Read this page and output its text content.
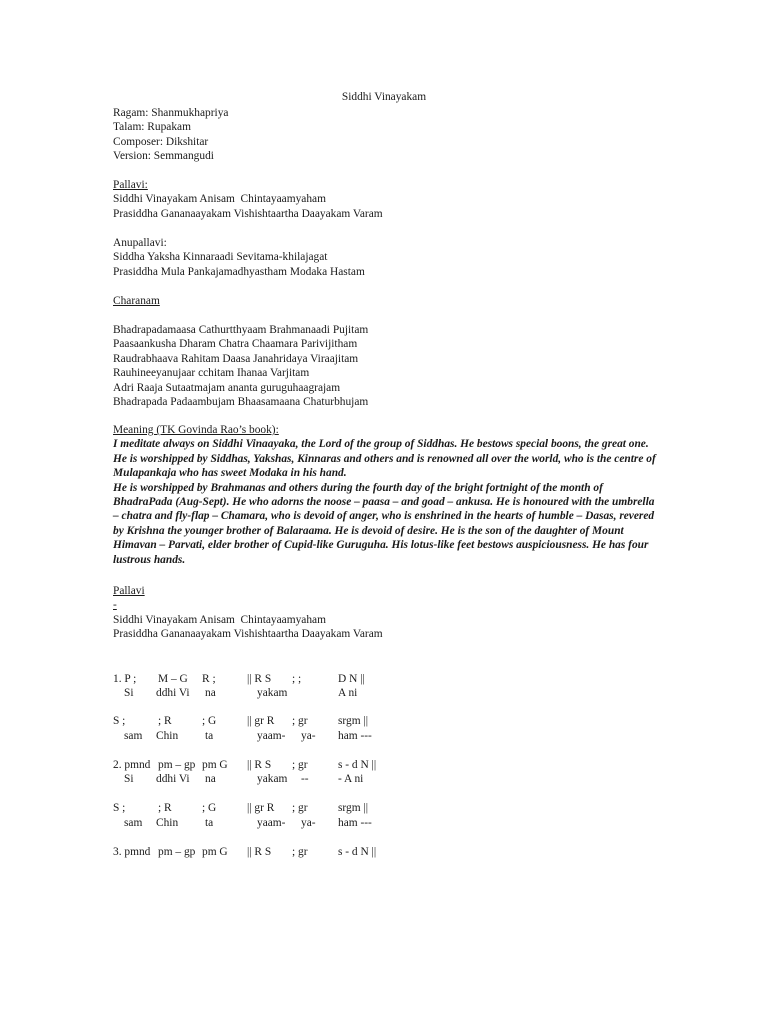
Siddhi Vinayakam
Ragam: Shanmukhapriya
Talam: Rupakam
Composer: Dikshitar
Version: Semmangudi
Pallavi:
Siddhi Vinayakam Anisam  Chintayaamyaham
Prasiddha Gananaayakam Vishishtaartha Daayakam Varam
Anupallavi:
Siddha Yaksha Kinnaraadi Sevitama-khilajagat
Prasiddha Mula Pankajamadhyastham Modaka Hastam
Charanam
Bhadrapadamaasa Cathurtthyaam Brahmanaadi Pujitam
Paasaankusha Dharam Chatra Chaamara Parivijitham
Raudrabhaava Rahitam Daasa Janahridaya Viraajitam
Rauhineeyanujaar cchitam Ihanaa Varjitam
Adri Raaja Sutaatmajam ananta guruguhaagrajam
Bhadrapada Padaambujam Bhaasamaana Chaturbhujam
Meaning (TK Govinda Rao’s book):

I meditate always on Siddhi Vinaayaka, the Lord of the group of Siddhas. He bestows special boons, the great one. He is worshipped by Siddhas, Yakshas, Kinnaras and others and is renowned all over the world, who is the centre of Mulapankaja who has sweet Modaka in his hand.

He is worshipped by Brahmanas and others during the fourth day of the bright fortnight of the month of BhadraPada (Aug-Sept). He who adorns the noose – paasa – and goad – ankusa. He is honoured with the umbrella – chatra and fly-flap – Chamara, who is devoid of anger, who is enshrined in the hearts of humble – Dasas, revered by Krishna the younger brother of Balaraama. He is devoid of desire. He is the son of the daughter of Mount Himavan – Parvati, elder brother of Cupid-like Guruguha. His lotus-like feet bestows auspiciousness. He has four lustrous hands.

Pallavi
-
Siddhi Vinayakam Anisam  Chintayaamyaham
Prasiddha Gananaayakam Vishishtaartha Daayakam Varam
1. P ; M – G R ;	|| R S ; ;	D N ||
Si ddhi Vi na	yakam	A ni
S ;	; R	; G	|| gr R ; gr	srgm ||
sam Chin ta	yaam- ya- ham ---
2. pmnd pm – gp pm G || R S ; gr	s - d N ||
Si ddhi Vi na	yakam --	- A ni
S ;	; R	; G	|| gr R ; gr	srgm ||
sam Chin ta	yaam- ya- ham ---
3. pmnd pm – gp pm G || R S ; gr	s - d N ||
